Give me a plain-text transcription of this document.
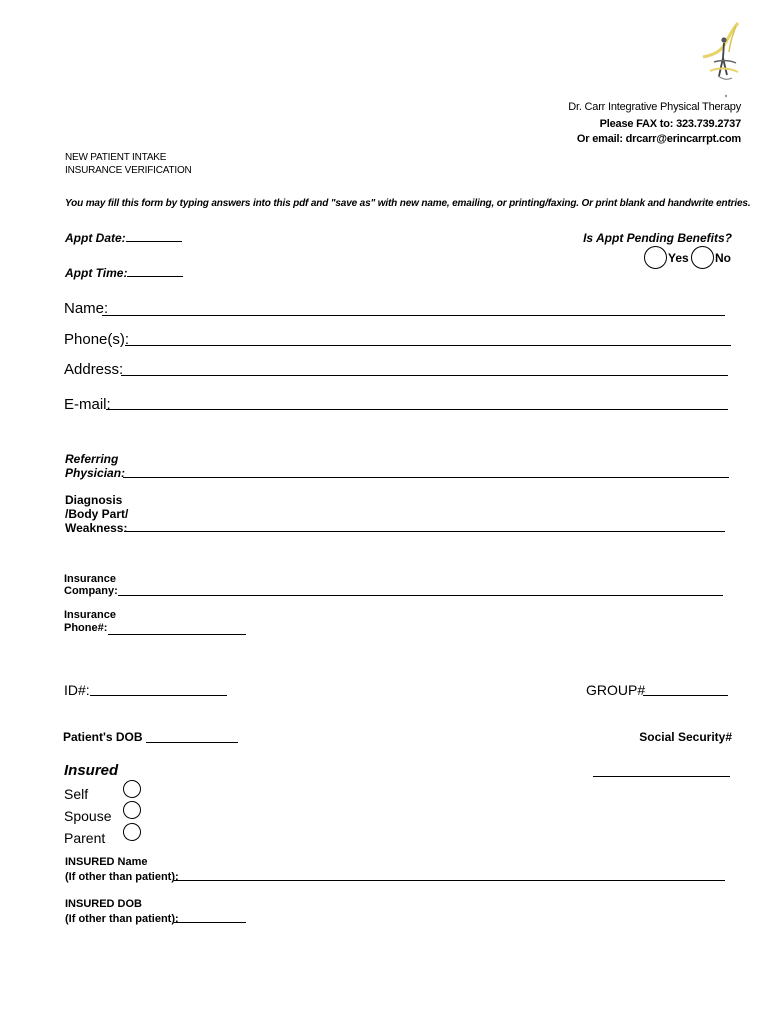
Dr. Carr Integrative Physical Therapy
Please FAX to: 323.739.2737
Or email: drcarr@erincarrpt.com
NEW PATIENT INTAKE
INSURANCE VERIFICATION
You may fill this form by typing answers into this pdf and "save as" with new name, emailing, or printing/faxing. Or print blank and handwrite entries.
Appt Date:
Appt Time:
Is Appt Pending Benefits?
Yes No
Name:
Phone(s):
Address:
E-mail:
Referring
Physician:
Diagnosis
/Body Part/
Weakness:
Insurance
Company:
Insurance
Phone#:
ID#:	GROUP#
Patient's DOB	Social Security#
Insured
Self
Spouse
Parent
INSURED Name
(If other than patient):
INSURED DOB
(If other than patient):
